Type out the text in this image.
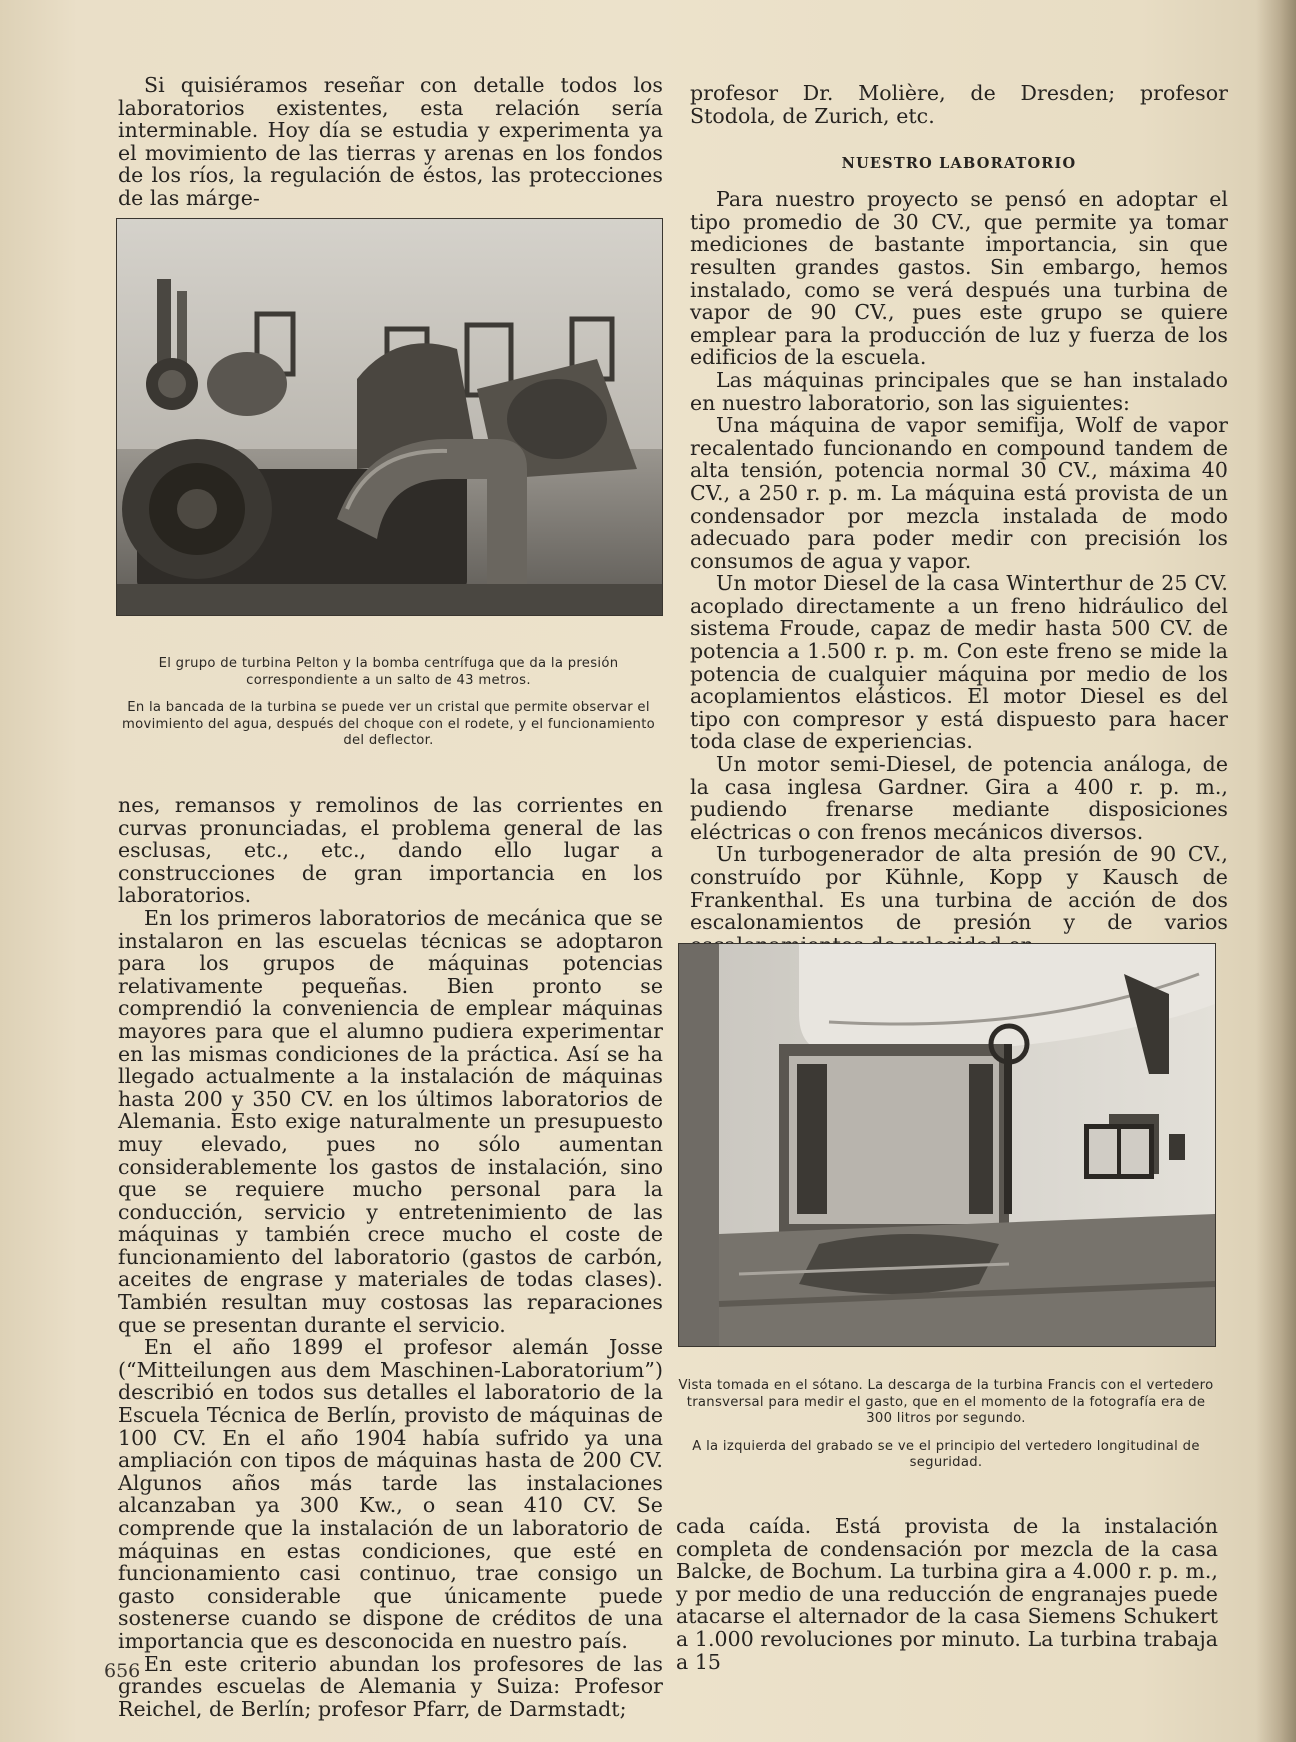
Si quisiéramos reseñar con detalle todos los laboratorios existentes, esta relación sería interminable. Hoy día se estudia y experimenta ya el movimiento de las tierras y arenas en los fondos de los ríos, la regulación de éstos, las protecciones de las márge-

El grupo de turbina Pelton y la bomba centrífuga que da la presión correspondiente a un salto de 43 metros.

En la bancada de la turbina se puede ver un cristal que permite observar el movimiento del agua, después del choque con el rodete, y el funcionamiento del deflector.

nes, remansos y remolinos de las corrientes en curvas pronunciadas, el problema general de las esclusas, etc., etc., dando ello lugar a construcciones de gran importancia en los laboratorios.

En los primeros laboratorios de mecánica que se instalaron en las escuelas técnicas se adoptaron para los grupos de máquinas potencias relativamente pequeñas. Bien pronto se comprendió la conveniencia de emplear máquinas mayores para que el alumno pudiera experimentar en las mismas condiciones de la práctica. Así se ha llegado actualmente a la instalación de máquinas hasta 200 y 350 CV. en los últimos laboratorios de Alemania. Esto exige naturalmente un presupuesto muy elevado, pues no sólo aumentan considerablemente los gastos de instalación, sino que se requiere mucho personal para la conducción, servicio y entretenimiento de las máquinas y también crece mucho el coste de funcionamiento del laboratorio (gastos de carbón, aceites de engrase y materiales de todas clases). También resultan muy costosas las reparaciones que se presentan durante el servicio.

En el año 1899 el profesor alemán Josse (“Mitteilungen aus dem Maschinen-Laboratorium”) describió en todos sus detalles el laboratorio de la Escuela Técnica de Berlín, provisto de máquinas de 100 CV. En el año 1904 había sufrido ya una ampliación con tipos de máquinas hasta de 200 CV. Algunos años más tarde las instalaciones alcanzaban ya 300 Kw., o sean 410 CV. Se comprende que la instalación de un laboratorio de máquinas en estas condiciones, que esté en funcionamiento casi continuo, trae consigo un gasto considerable que únicamente puede sostenerse cuando se dispone de créditos de una importancia que es desconocida en nuestro país.

En este criterio abundan los profesores de las grandes escuelas de Alemania y Suiza: Profesor Reichel, de Berlín; profesor Pfarr, de Darmstadt;

profesor Dr. Molière, de Dresden; profesor Stodola, de Zurich, etc.

NUESTRO LABORATORIO

Para nuestro proyecto se pensó en adoptar el tipo promedio de 30 CV., que permite ya tomar mediciones de bastante importancia, sin que resulten grandes gastos. Sin embargo, hemos instalado, como se verá después una turbina de vapor de 90 CV., pues este grupo se quiere emplear para la producción de luz y fuerza de los edificios de la escuela.

Las máquinas principales que se han instalado en nuestro laboratorio, son las siguientes:

Una máquina de vapor semifija, Wolf de vapor recalentado funcionando en compound tandem de alta tensión, potencia normal 30 CV., máxima 40 CV., a 250 r. p. m. La máquina está provista de un condensador por mezcla instalada de modo adecuado para poder medir con precisión los consumos de agua y vapor.

Un motor Diesel de la casa Winterthur de 25 CV. acoplado directamente a un freno hidráulico del sistema Froude, capaz de medir hasta 500 CV. de potencia a 1.500 r. p. m. Con este freno se mide la potencia de cualquier máquina por medio de los acoplamientos elásticos. El motor Diesel es del tipo con compresor y está dispuesto para hacer toda clase de experiencias.

Un motor semi-Diesel, de potencia análoga, de la casa inglesa Gardner. Gira a 400 r. p. m., pudiendo frenarse mediante disposiciones eléctricas o con frenos mecánicos diversos.

Un turbogenerador de alta presión de 90 CV., construído por Kühnle, Kopp y Kausch de Frankenthal. Es una turbina de acción de dos escalonamientos de presión y de varios

Vista tomada en el sótano. La descarga de la turbina Francis con el vertedero transversal para medir el gasto, que en el momento de la fotografía era de 300 litros por segundo.

A la izquierda del grabado se ve el principio del vertedero longitudinal de seguridad.

cada caída. Está provista de la instalación completa de condensación por mezcla de la casa Balcke, de Bochum. La turbina gira a 4.000 r. p. m., y por medio de una reducción de engranajes puede atacarse el alternador de la casa Siemens Schukert a 1.000 revoluciones por minuto. La turbina trabaja a 15

656
